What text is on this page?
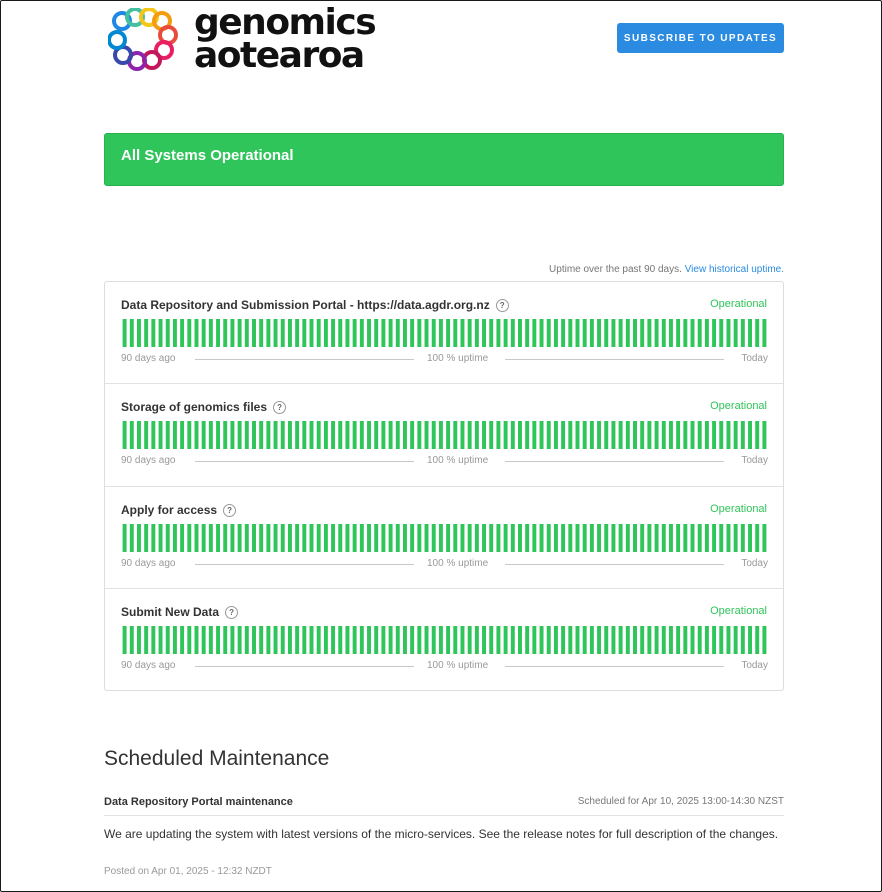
genomics
aotearoa	SUBSCRIBE TO UPDATES
All Systems Operational
Uptime over the past 90 days. View historical uptime.
Data Repository and Submission Portal - https://data.agdr.org.nz ?	Operational
90 days ago	100 % uptime	Today
Storage of genomics files ?	Operational
90 days ago	100 % uptime	Today
Apply for access ?	Operational
90 days ago	100 % uptime	Today
Submit New Data ?	Operational
90 days ago	100 % uptime	Today
Scheduled Maintenance
Data Repository Portal maintenance	Scheduled for Apr 10, 2025 13:00-14:30 NZST
We are updating the system with latest versions of the micro-services. See the release notes for full description of the changes.
Posted on Apr 01, 2025 - 12:32 NZDT
